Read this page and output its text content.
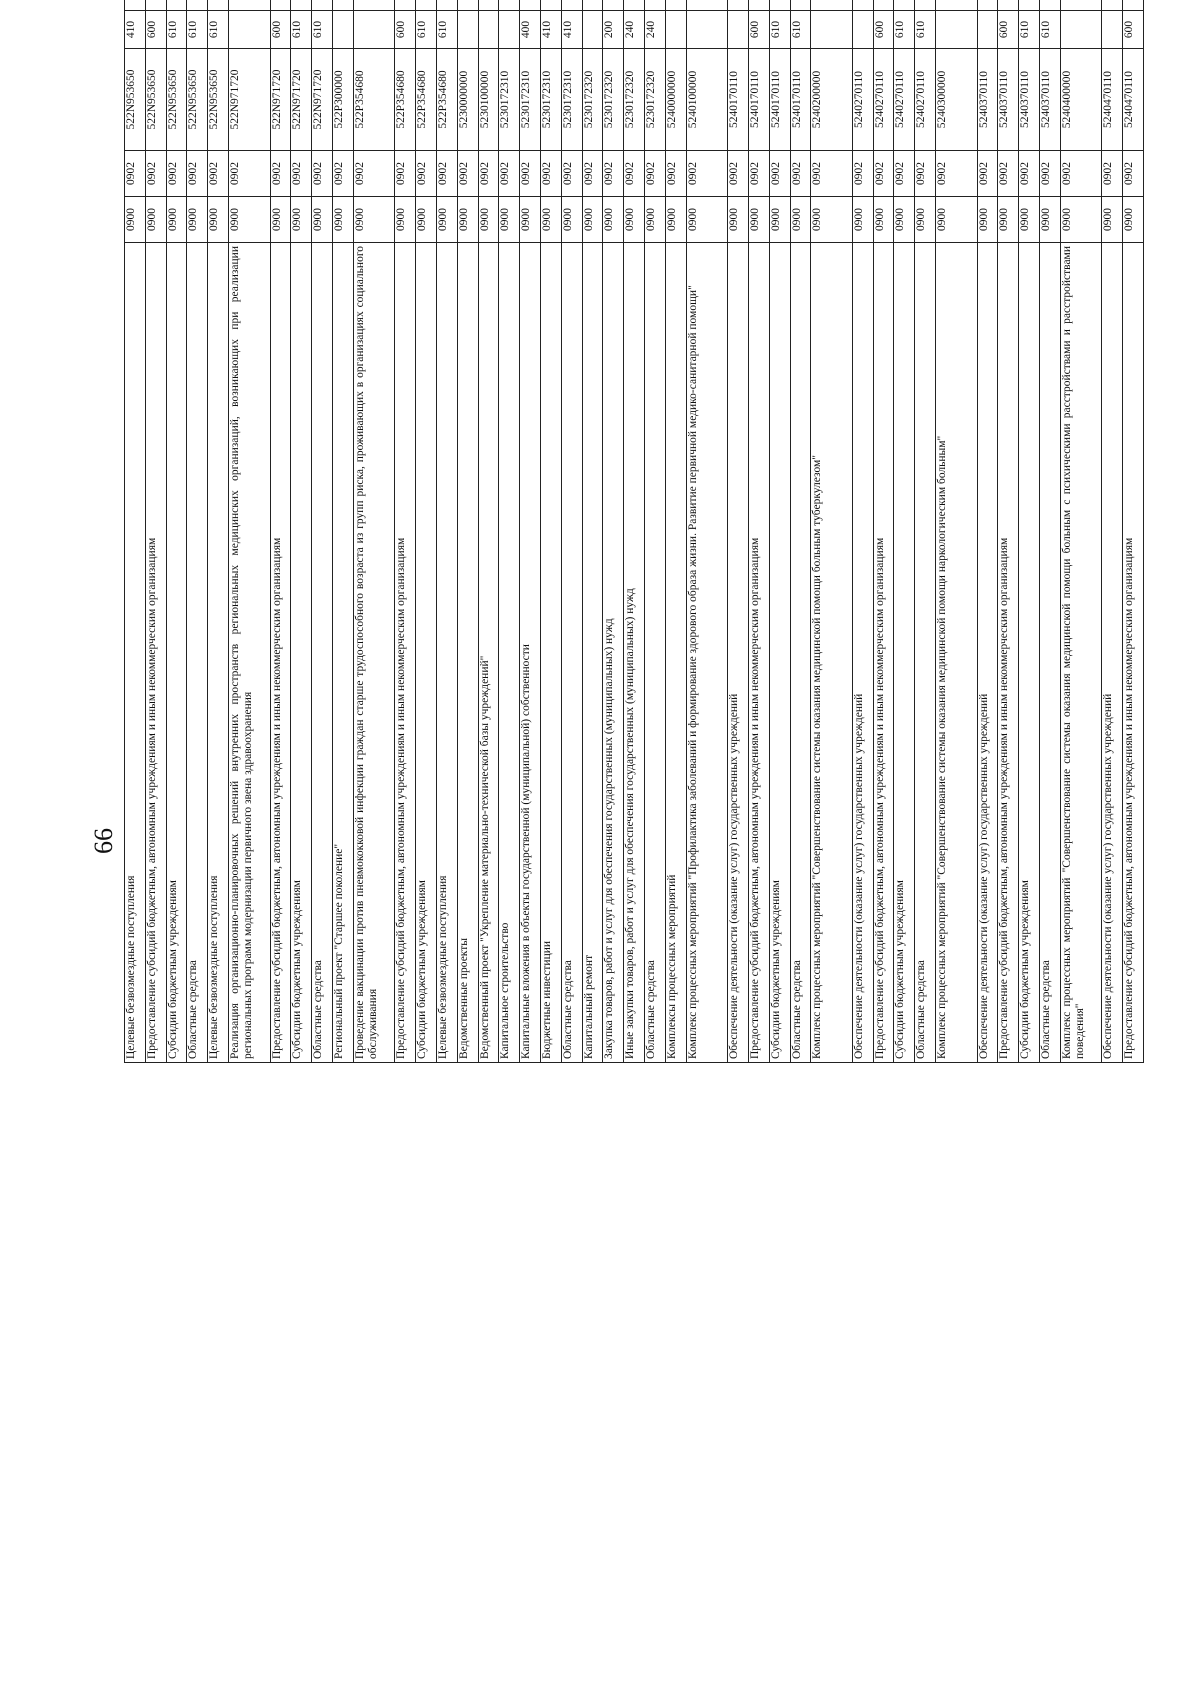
66
Целевые безвозмездные поступления	0900	0902	522N953650	410				
Предоставление субсидий бюджетным, автономным учреждениям и иным некоммерческим организациям	0900	0902	522N953650	600				
Субсидии бюджетным учреждениям	0900	0902	522N953650	610				
Областные средства	0900	0902	522N953650	610				
Целевые безвозмездные поступления	0900	0902	522N953650	610				
Реализация организационно-планировочных решений внутренних пространств региональных медицинских организаций, возникающих при реализации региональных программ модернизации первичного звена здравоохранения	0900	0902	522N971720					
Предоставление субсидий бюджетным, автономным учреждениям и иным некоммерческим организациям	0900	0902	522N971720	600				
Субсидии бюджетным учреждениям	0900	0902	522N971720	610				
Областные средства	0900	0902	522N971720	610				
Региональный проект "Старшее поколение"	0900	0902	522P300000					
Проведение вакцинации против пневмококковой инфекции граждан старше трудоспособного возраста из групп риска, проживающих в организациях социального обслуживания	0900	0902	522P354680					
Предоставление субсидий бюджетным, автономным учреждениям и иным некоммерческим организациям	0900	0902	522P354680	600				
Субсидии бюджетным учреждениям	0900	0902	522P354680	610				
Целевые безвозмездные поступления	0900	0902	522P354680	610				
Ведомственные проекты	0900	0902	5230000000					
Ведомственный проект "Укрепление материально-технической базы учреждений"	0900	0902	5230100000					
Капитальное строительство	0900	0902	5230172310					
Капитальные вложения в объекты государственной (муниципальной) собственности	0900	0902	5230172310	400				
Бюджетные инвестиции	0900	0902	5230172310	410				
Областные средства	0900	0902	5230172310	410				
Капитальный ремонт	0900	0902	5230172320					
Закупка товаров, работ и услуг для обеспечения государственных (муниципальных) нужд	0900	0902	5230172320	200				
Иные закупки товаров, работ и услуг для обеспечения государственных (муниципальных) нужд	0900	0902	5230172320	240				
Областные средства	0900	0902	5230172320	240				
Комплексы процессных мероприятий	0900	0902	5240000000					
Комплекс процессных мероприятий "Профилактика заболеваний и формирование здорового образа жизни. Развитие первичной медико-санитарной помощи"	0900	0902	5240100000					
Обеспечение деятельности (оказание услуг) государственных учреждений	0900	0902	5240170110					
Предоставление субсидий бюджетным, автономным учреждениям и иным некоммерческим организациям	0900	0902	5240170110	600				
Субсидии бюджетным учреждениям	0900	0902	5240170110	610				
Областные средства	0900	0902	5240170110	610				
Комплекс процессных мероприятий "Совершенствование системы оказания медицинской помощи больным туберкулезом"	0900	0902	5240200000					
Обеспечение деятельности (оказание услуг) государственных учреждений	0900	0902	5240270110					
Предоставление субсидий бюджетным, автономным учреждениям и иным некоммерческим организациям	0900	0902	5240270110	600				
Субсидии бюджетным учреждениям	0900	0902	5240270110	610				
Областные средства	0900	0902	5240270110	610				
Комплекс процессных мероприятий "Совершенствование системы оказания медицинской помощи наркологическим больным"	0900	0902	5240300000					
Обеспечение деятельности (оказание услуг) государственных учреждений	0900	0902	5240370110					
Предоставление субсидий бюджетным, автономным учреждениям и иным некоммерческим организациям	0900	0902	5240370110	600				
Субсидии бюджетным учреждениям	0900	0902	5240370110	610				
Областные средства	0900	0902	5240370110	610				
Комплекс процессных мероприятий "Совершенствование системы оказания медицинской помощи больным с психическими расстройствами и расстройствами поведения"	0900	0902	5240400000					
Обеспечение деятельности (оказание услуг) государственных учреждений	0900	0902	5240470110					
Предоставление субсидий бюджетным, автономным учреждениям и иным некоммерческим организациям	0900	0902	5240470110	600				
